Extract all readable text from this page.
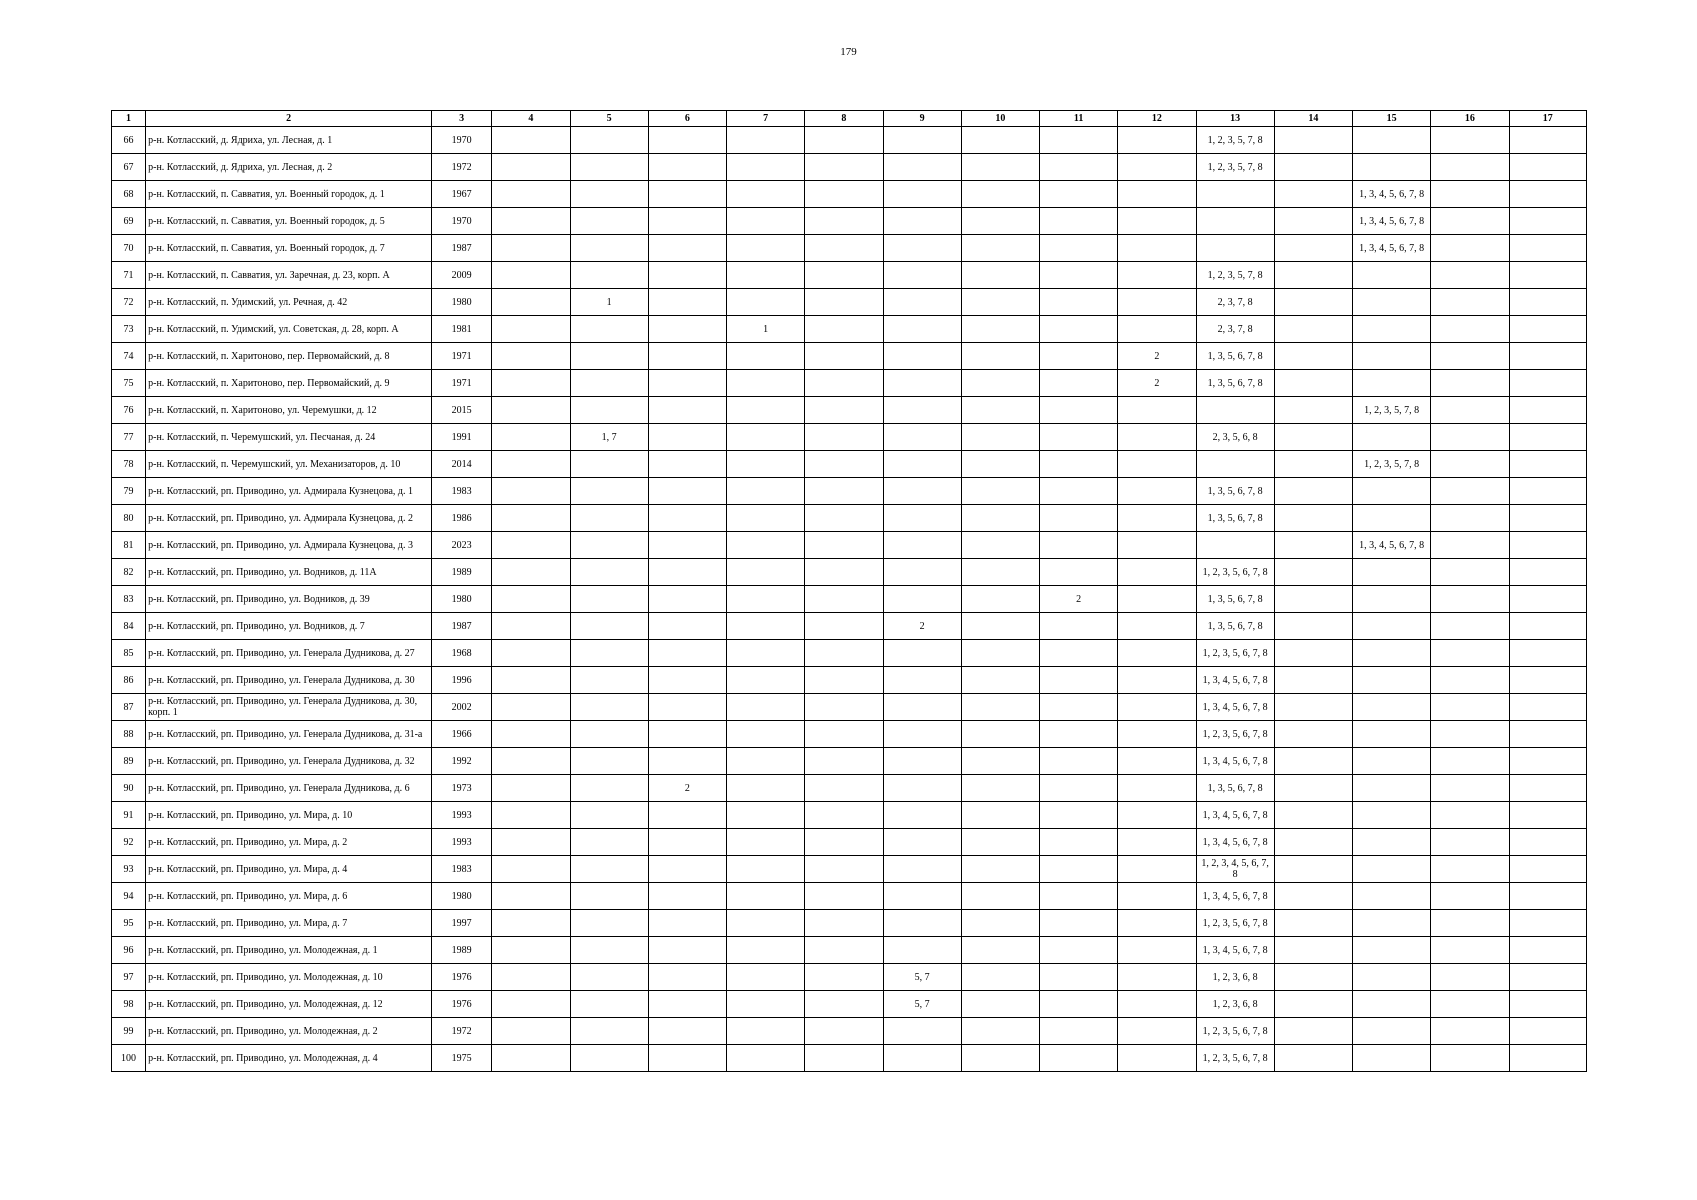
179
1	2	3	4	5	6	7	8	9	10	11	12	13	14	15	16	17
66	р-н. Котласский, д. Ядриха, ул. Лесная, д. 1	1970										1, 2, 3, 5, 7, 8				
67	р-н. Котласский, д. Ядриха, ул. Лесная, д. 2	1972										1, 2, 3, 5, 7, 8				
68	р-н. Котласский, п. Савватия, ул. Военный городок, д. 1	1967												1, 3, 4, 5, 6, 7, 8		
69	р-н. Котласский, п. Савватия, ул. Военный городок, д. 5	1970												1, 3, 4, 5, 6, 7, 8		
70	р-н. Котласский, п. Савватия, ул. Военный городок, д. 7	1987												1, 3, 4, 5, 6, 7, 8		
71	р-н. Котласский, п. Савватия, ул. Заречная, д. 23, корп. А	2009										1, 2, 3, 5, 7, 8				
72	р-н. Котласский, п. Удимский, ул. Речная, д. 42	1980		1								2, 3, 7, 8				
73	р-н. Котласский, п. Удимский, ул. Советская, д. 28, корп. А	1981				1						2, 3, 7, 8				
74	р-н. Котласский, п. Харитоново, пер. Первомайский, д. 8	1971									2	1, 3, 5, 6, 7, 8				
75	р-н. Котласский, п. Харитоново, пер. Первомайский, д. 9	1971									2	1, 3, 5, 6, 7, 8				
76	р-н. Котласский, п. Харитоново, ул. Черемушки, д. 12	2015												1, 2, 3, 5, 7, 8		
77	р-н. Котласский, п. Черемушский, ул. Песчаная, д. 24	1991		1, 7								2, 3, 5, 6, 8				
78	р-н. Котласский, п. Черемушский, ул. Механизаторов, д. 10	2014												1, 2, 3, 5, 7, 8		
79	р-н. Котласский, рп. Приводино, ул. Адмирала Кузнецова, д. 1	1983										1, 3, 5, 6, 7, 8				
80	р-н. Котласский, рп. Приводино, ул. Адмирала Кузнецова, д. 2	1986										1, 3, 5, 6, 7, 8				
81	р-н. Котласский, рп. Приводино, ул. Адмирала Кузнецова, д. 3	2023												1, 3, 4, 5, 6, 7, 8		
82	р-н. Котласский, рп. Приводино, ул. Водников, д. 11А	1989										1, 2, 3, 5, 6, 7, 8				
83	р-н. Котласский, рп. Приводино, ул. Водников, д. 39	1980								2		1, 3, 5, 6, 7, 8				
84	р-н. Котласский, рп. Приводино, ул. Водников, д. 7	1987						2				1, 3, 5, 6, 7, 8				
85	р-н. Котласский, рп. Приводино, ул. Генерала Дудникова, д. 27	1968										1, 2, 3, 5, 6, 7, 8				
86	р-н. Котласский, рп. Приводино, ул. Генерала Дудникова, д. 30	1996										1, 3, 4, 5, 6, 7, 8				
87	р-н. Котласский, рп. Приводино, ул. Генерала Дудникова, д. 30, корп. 1	2002										1, 3, 4, 5, 6, 7, 8				
88	р-н. Котласский, рп. Приводино, ул. Генерала Дудникова, д. 31-а	1966										1, 2, 3, 5, 6, 7, 8				
89	р-н. Котласский, рп. Приводино, ул. Генерала Дудникова, д. 32	1992										1, 3, 4, 5, 6, 7, 8				
90	р-н. Котласский, рп. Приводино, ул. Генерала Дудникова, д. 6	1973			2							1, 3, 5, 6, 7, 8				
91	р-н. Котласский, рп. Приводино, ул. Мира, д. 10	1993										1, 3, 4, 5, 6, 7, 8				
92	р-н. Котласский, рп. Приводино, ул. Мира, д. 2	1993										1, 3, 4, 5, 6, 7, 8				
93	р-н. Котласский, рп. Приводино, ул. Мира, д. 4	1983										1, 2, 3, 4, 5, 6, 7, 8				
94	р-н. Котласский, рп. Приводино, ул. Мира, д. 6	1980										1, 3, 4, 5, 6, 7, 8				
95	р-н. Котласский, рп. Приводино, ул. Мира, д. 7	1997										1, 2, 3, 5, 6, 7, 8				
96	р-н. Котласский, рп. Приводино, ул. Молодежная, д. 1	1989										1, 3, 4, 5, 6, 7, 8				
97	р-н. Котласский, рп. Приводино, ул. Молодежная, д. 10	1976						5, 7				1, 2, 3, 6, 8				
98	р-н. Котласский, рп. Приводино, ул. Молодежная, д. 12	1976						5, 7				1, 2, 3, 6, 8				
99	р-н. Котласский, рп. Приводино, ул. Молодежная, д. 2	1972										1, 2, 3, 5, 6, 7, 8				
100	р-н. Котласский, рп. Приводино, ул. Молодежная, д. 4	1975										1, 2, 3, 5, 6, 7, 8				
